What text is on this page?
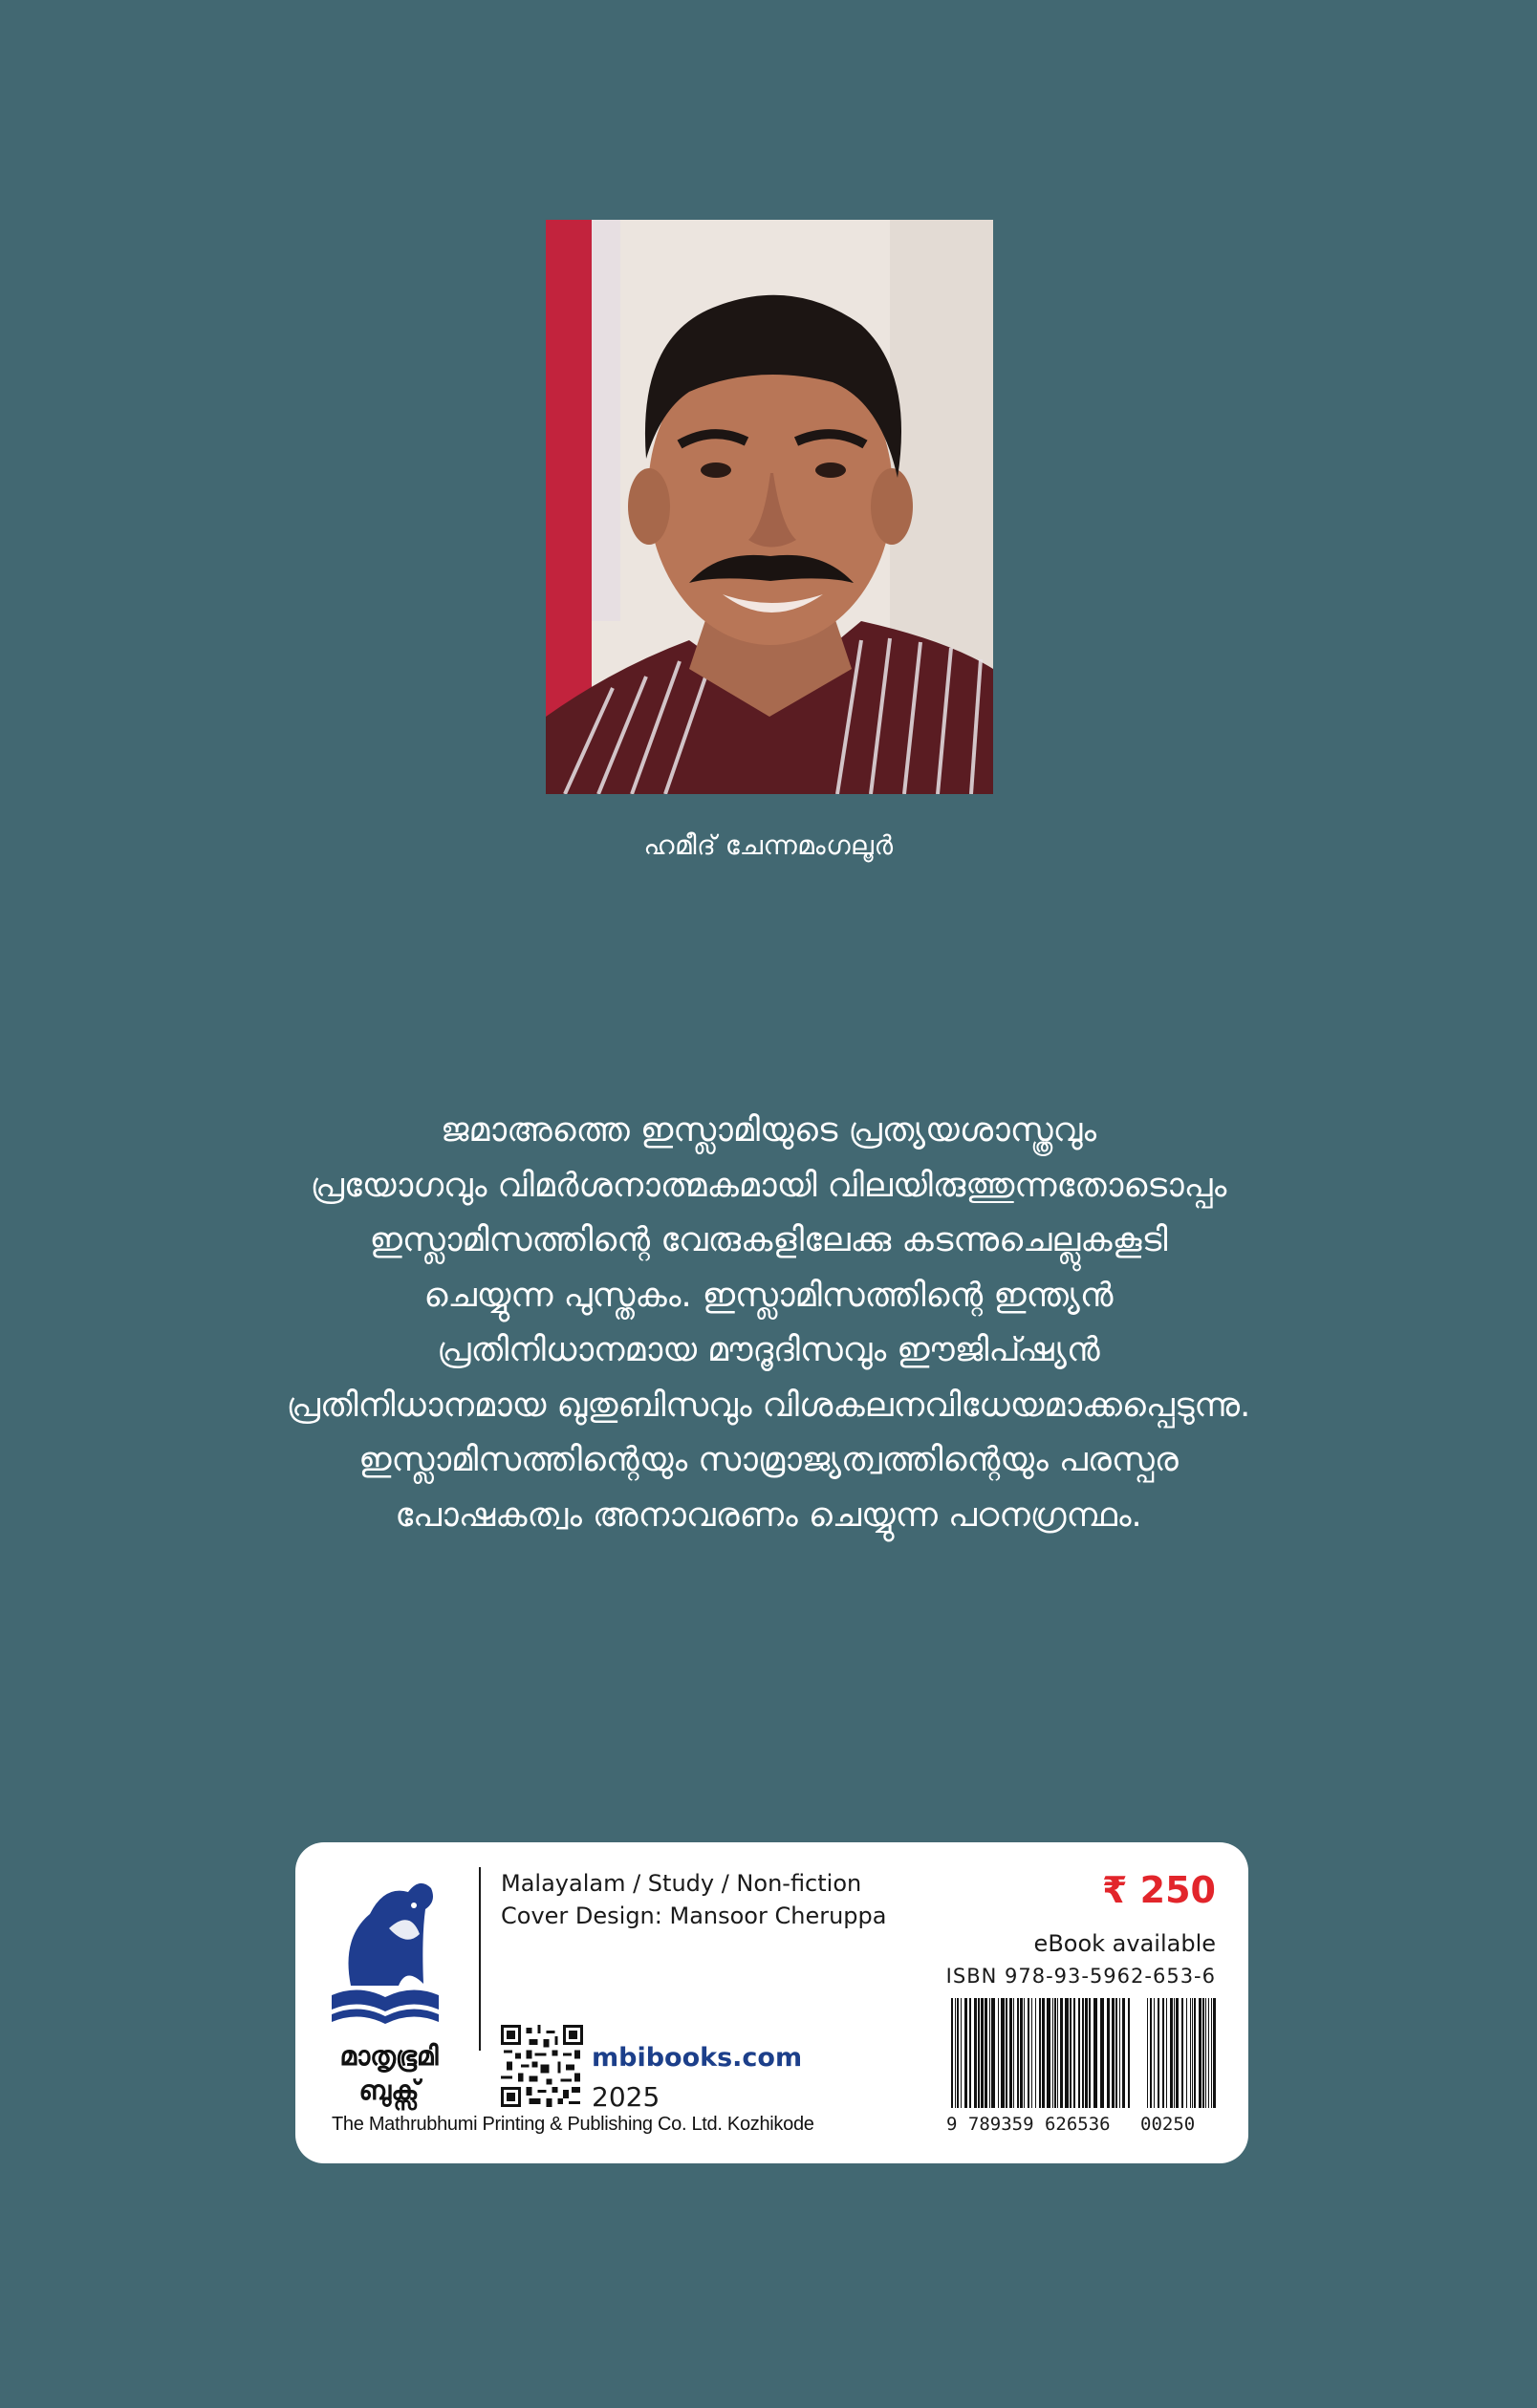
ഹമീദ് ചേന്നമംഗലൂര്‍
ജമാഅത്തെ ഇസ്ലാമിയുടെ പ്രത്യയശാസ്ത്രവും
പ്രയോഗവും വിമര്‍ശനാത്മകമായി വിലയിരുത്തുന്നതോടൊപ്പം
ഇസ്ലാമിസത്തിന്റെ വേരുകളിലേക്കു കടന്നുചെല്ലുകകൂടി
ചെയ്യുന്ന പുസ്തകം. ഇസ്ലാമിസത്തിന്റെ ഇന്ത്യന്‍
പ്രതിനിധാനമായ മൗദൂദിസവും ഈജിപ്ഷ്യന്‍
പ്രതിനിധാനമായ ഖുതുബിസവും വിശകലനവിധേയമാക്കപ്പെടുന്നു.
ഇസ്ലാമിസത്തിന്റെയും സാമ്രാജ്യത്വത്തിന്റെയും പരസ്പര
പോഷകത്വം അനാവരണം ചെയ്യുന്ന പഠനഗ്രന്ഥം.
മാതൃഭൂമി
ബുക്സ്
The Mathrubhumi Printing & Publishing Co. Ltd. Kozhikode
Malayalam / Study / Non-fiction
Cover Design: Mansoor Cheruppa
mbibooks.com
2025
₹ 250
eBook available
ISBN 978-93-5962-653-6
9 789359 626536 00250
